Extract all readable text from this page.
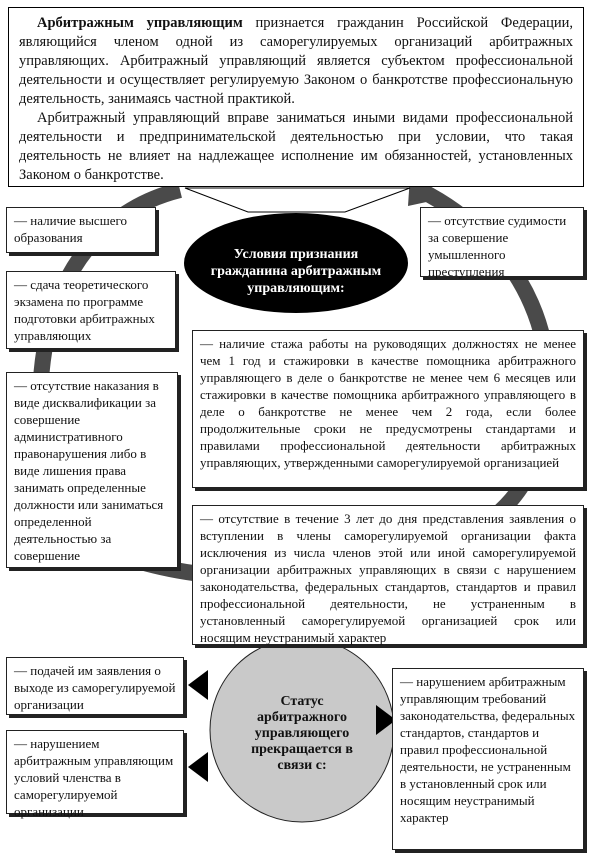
Арбитражным управляющим признается гражданин Российской Федерации, являющийся членом одной из саморегулируемых организаций арбитражных управляющих. Арбитражный управляющий является субъектом профессиональной деятельности и осуществляет регулируемую Законом о банкротстве профессиональную деятельность, занимаясь частной практикой.

Арбитражный управляющий вправе заниматься иными видами профессиональной деятельности и предпринимательской деятельностью при условии, что такая деятельность не влияет на надлежащее исполнение им обязанностей, установленных Законом о банкротстве.

Условия признания гражданина арбитражным управляющим:
— наличие высшего образования
— сдача теоретического экзамена по программе подготовки арбитражных управляющих
— отсутствие наказания в виде дисквалификации за совершение административного правонарушения либо в виде лишения права занимать определенные должности или заниматься определенной деятельностью за совершение
— отсутствие судимости за совершение умышленного преступления
— наличие стажа работы на руководящих должностях не менее чем 1 год и стажировки в качестве помощника арбитражного управляющего в деле о банкротстве не менее чем 6 месяцев или стажировки в качестве помощника арбитражного управляющего в деле о банкротстве не менее чем 2 года, если более продолжительные сроки не предусмотрены стандартами и правилами профессиональной деятельности арбитражных управляющих, утвержденными саморегулируемой организацией
— отсутствие в течение 3 лет до дня представления заявления о вступлении в члены саморегулируемой организации факта исключения из числа членов этой или иной саморегулируемой организации арбитражных управляющих в связи с нарушением законодательства, федеральных стандартов, стандартов и правил профессиональной деятельности, не устраненным в установленный саморегулируемой организацией срок или носящим неустранимый характер
Статус арбитражного управляющего прекращается в связи с:
— подачей им заявления о выходе из саморегулируемой организации
— нарушением арбитражным управляющим условий членства в саморегулируемой организации
— нарушением арбитражным управляющим требований законодательства, федеральных стандартов, стандартов и правил профессиональной деятельности, не устраненным в установленный срок или носящим неустранимый характер
